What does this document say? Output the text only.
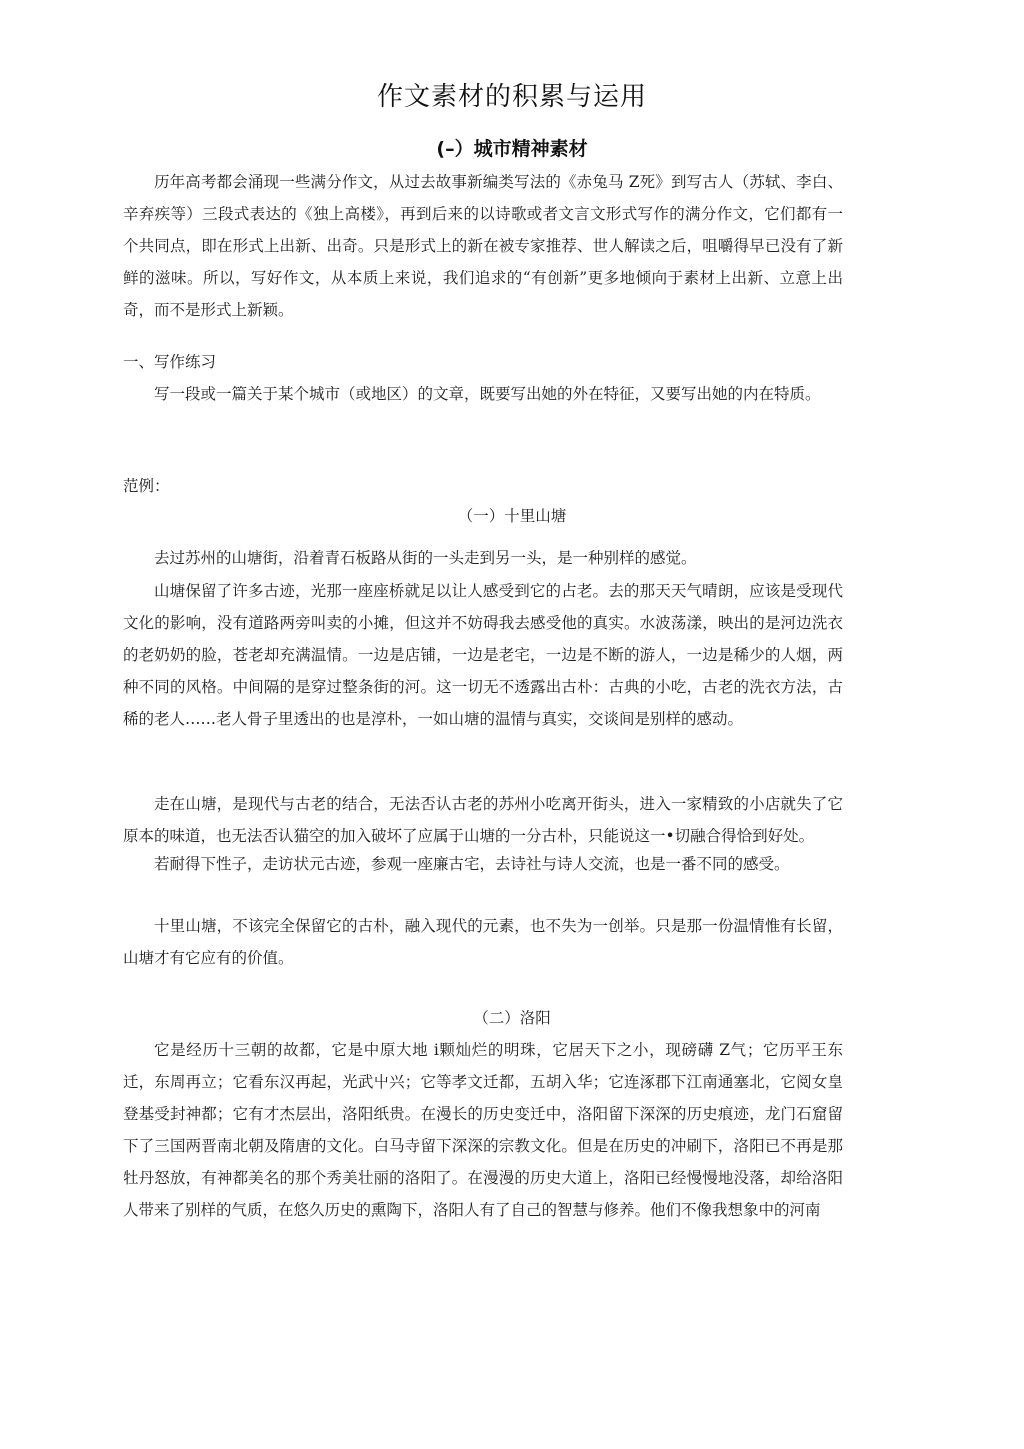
作文素材的积累与运用
(–）城市精神素材

历年高考都会涌现一些满分作文，从过去故事新编类写法的《赤兔马 Z死》到写古人（苏轼、李白、辛弃疾等）三段式表达的《独上高楼》，再到后来的以诗歌或者文言文形式写作的满分作文，它们都有一个共同点，即在形式上出新、出奇。只是形式上的新在被专家推荐、世人解读之后，咀嚼得早已没有了新鲜的滋味。所以，写好作文，从本质上来说，我们追求的“有创新”更多地倾向于素材上出新、立意上出奇，而不是形式上新颖。

一、写作练习

写一段或一篇关于某个城市（或地区）的文章，既要写出她的外在特征，又要写出她的内在特质。

范例：

（一）十里山塘

去过苏州的山塘街，沿着青石板路从街的一头走到另一头，是一种别样的感觉。

山塘保留了许多古迹，光那一座座桥就足以让人感受到它的占老。去的那天天气晴朗，应该是受现代文化的影响，没有道路两旁叫卖的小摊，但这并不妨碍我去感受他的真实。水波荡漾，映出的是河边洗衣的老奶奶的脸，苍老却充满温情。一边是店铺，一边是老宅，一边是不断的游人，一边是稀少的人烟，两种不同的风格。中间隔的是穿过整条街的河。这一切无不透露出古朴：古典的小吃，古老的洗衣方法，古稀的老人……老人骨子里透出的也是淳朴，一如山塘的温情与真实，交谈间是别样的感动。

走在山塘，是现代与古老的结合，无法否认古老的苏州小吃离开街头，进入一家精致的小店就失了它原本的味道，也无法否认猫空的加入破坏了应属于山塘的一分古朴，只能说这一•切融合得恰到好处。

若耐得下性子，走访状元古迹，参观一座廉古宅，去诗社与诗人交流，也是一番不同的感受。

十里山塘，不该完全保留它的古朴，融入现代的元素，也不失为一创举。只是那一份温情惟有长留，山塘才有它应有的价值。

（二）洛阳

它是经历十三朝的故都，它是中原大地 i颗灿烂的明珠，它居天下之小，现磅礴 Z气；它历平王东迁，东周再立；它看东汉再起，光武屮兴；它等孝文迁都，五胡入华；它连涿郡下江南通塞北，它阅女皇登基受封神都；它有才杰层出，洛阳纸贵。在漫长的历史变迁中，洛阳留下深深的历史痕迹，龙门石窟留下了三国两晋南北朝及隋唐的文化。白马寺留下深深的宗教文化。但是在历史的冲刷下，洛阳已不再是那牡丹怒放，有神都美名的那个秀美壮丽的洛阳了。在漫漫的历史大道上，洛阳已经慢慢地没落，却给洛阳人带来了别样的气质，在悠久历史的熏陶下，洛阳人有了自己的智慧与修养。他们不像我想象中的河南
